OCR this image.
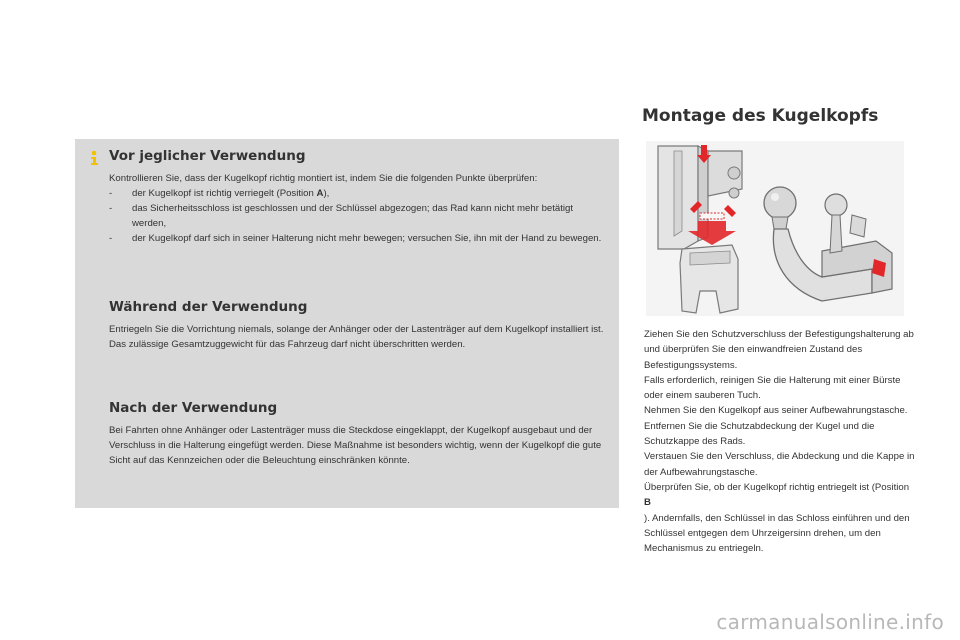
Vor jeglicher Verwendung

Kontrollieren Sie, dass der Kugelkopf richtig montiert ist, indem Sie die folgenden Punkte überprüfen:

- der Kugelkopf ist richtig verriegelt (Position A),
- das Sicherheitsschloss ist geschlossen und der Schlüssel abgezogen; das Rad kann nicht mehr betätigt werden,
- der Kugelkopf darf sich in seiner Halterung nicht mehr bewegen; versuchen Sie, ihn mit der Hand zu bewegen.
Während der Verwendung

Entriegeln Sie die Vorrichtung niemals, solange der Anhänger oder der Lastenträger auf dem Kugelkopf installiert ist.

Das zulässige Gesamtzuggewicht für das Fahrzeug darf nicht überschritten werden.

Nach der Verwendung

Bei Fahrten ohne Anhänger oder Lastenträger muss die Steckdose eingeklappt, der Kugelkopf ausgebaut und der Verschluss in die Halterung eingefügt werden. Diese Maßnahme ist besonders wichtig, wenn der Kugelkopf die gute Sicht auf das Kennzeichen oder die Beleuchtung einschränken könnte.

Montage des Kugelkopfs
Ziehen Sie den Schutzverschluss der Befestigungshalterung ab und überprüfen Sie den einwandfreien Zustand des Befestigungssystems.
Falls erforderlich, reinigen Sie die Halterung mit einer Bürste oder einem sauberen Tuch.
Nehmen Sie den Kugelkopf aus seiner Aufbewahrungstasche.
Entfernen Sie die Schutzabdeckung der Kugel und die Schutzkappe des Rads.
Verstauen Sie den Verschluss, die Abdeckung und die Kappe in der Aufbewahrungstasche.
Überprüfen Sie, ob der Kugelkopf richtig entriegelt ist (Position
B
). Andernfalls, den Schlüssel in das Schloss einführen und den Schlüssel entgegen dem Uhrzeigersinn drehen, um den Mechanismus zu entriegeln.
carmanualsonline.info
